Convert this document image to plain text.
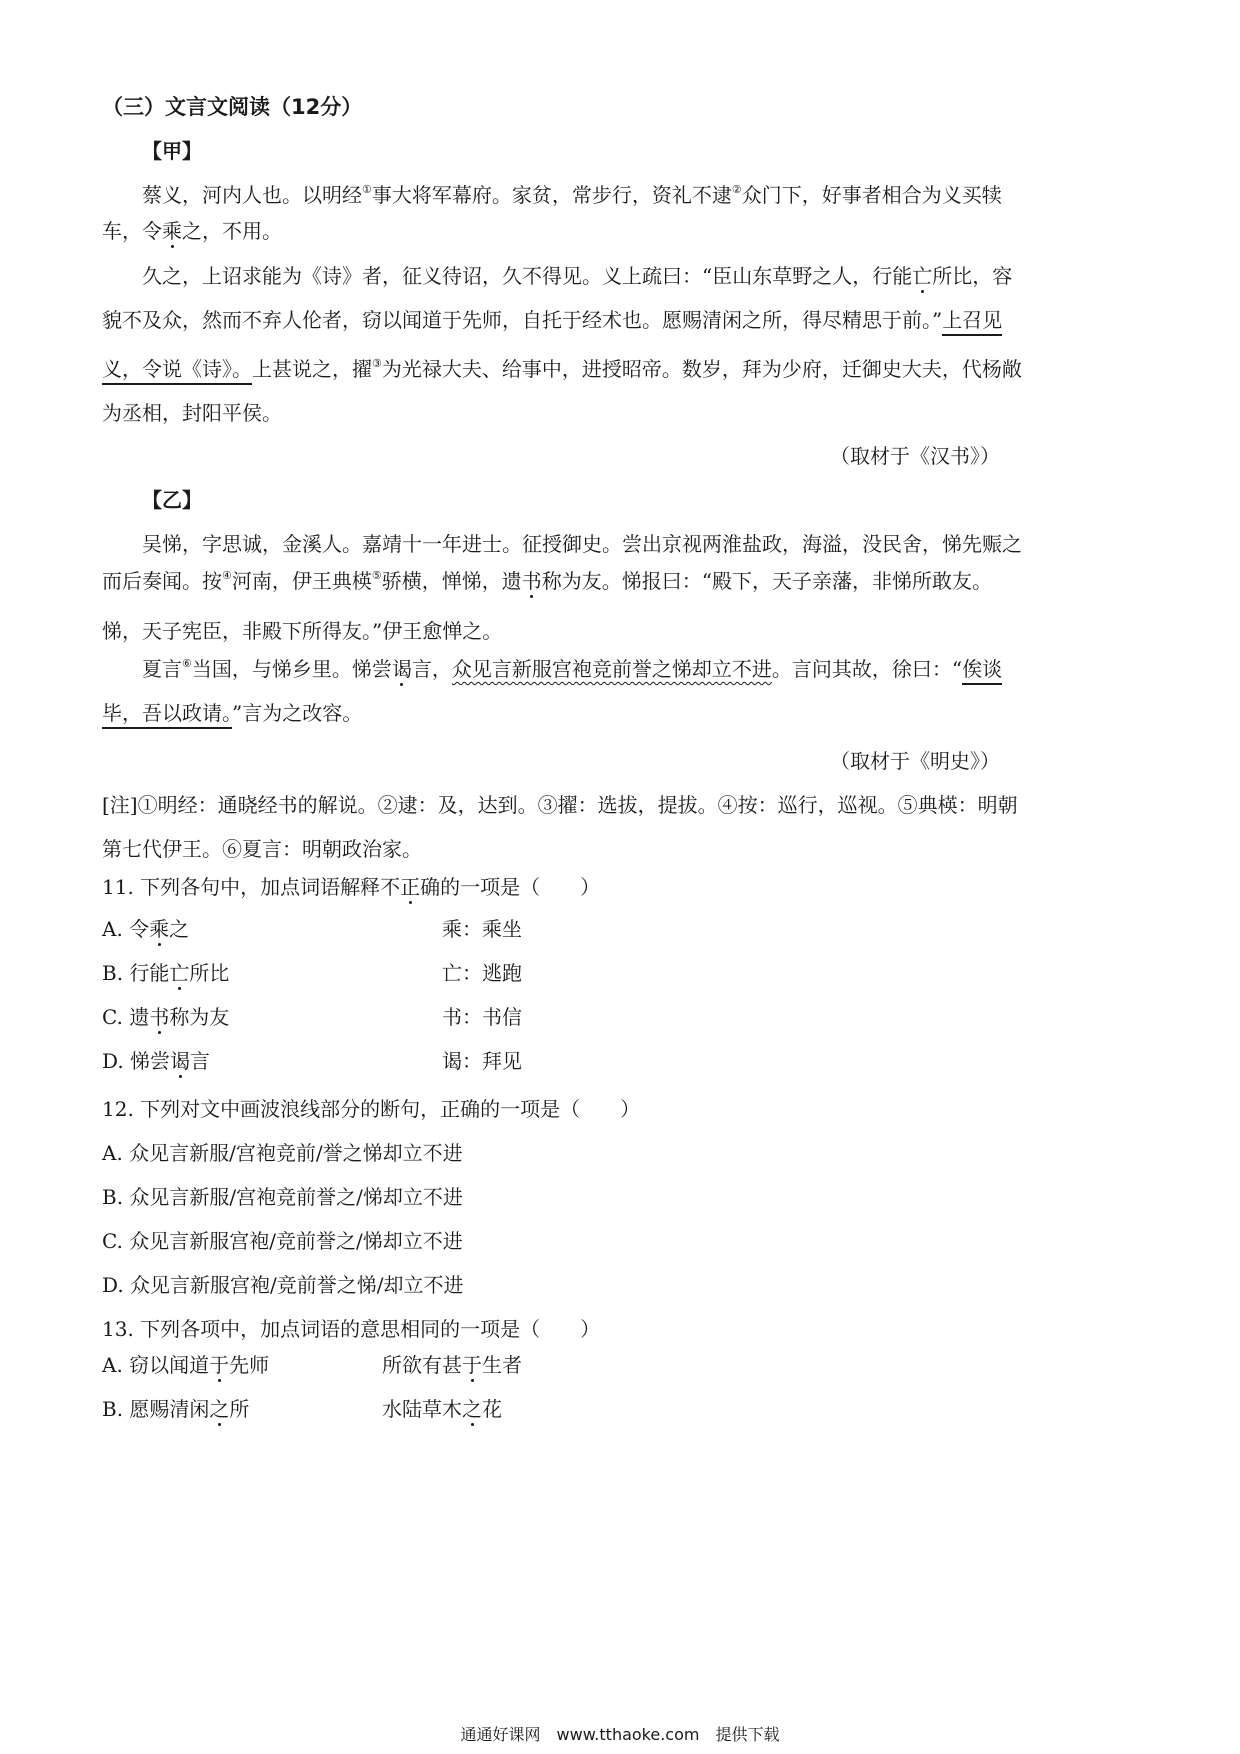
（三）文言文阅读（12分）
【甲】
蔡义，河内人也。以明经①事大将军幕府。家贫，常步行，资礼不逮②众门下，好事者相合为义买犊
车，令乘之，不用。
久之，上诏求能为《诗》者，征义待诏，久不得见。义上疏曰：“臣山东草野之人，行能亡所比，容
貌不及众，然而不弃人伦者，窃以闻道于先师，自托于经术也。愿赐清闲之所，得尽精思于前。”上召见
义，令说《诗》。上甚说之，擢③为光禄大夫、给事中，进授昭帝。数岁，拜为少府，迁御史大夫，代杨敞
为丞相，封阳平侯。
（取材于《汉书》）
【乙】
吴悌，字思诚，金溪人。嘉靖十一年进士。征授御史。尝出京视两淮盐政，海溢，没民舍，悌先赈之
而后奏闻。按④河南，伊王典楧⑤骄横，惮悌，遗书称为友。悌报曰：“殿下，天子亲藩，非悌所敢友。
悌，天子宪臣，非殿下所得友。”伊王愈惮之。
夏言⑥当国，与悌乡里。悌尝谒言，众见言新服宫袍竞前誉之悌却立不进。言问其故，徐曰：“俟谈
毕，吾以政请。”言为之改容。
（取材于《明史》）
[注]①明经：通晓经书的解说。②逮：及，达到。③擢：选拔，提拔。④按：巡行，巡视。⑤典楧：明朝
第七代伊王。⑥夏言：明朝政治家。
11. 下列各句中，加点词语解释不正确的一项是（　　）
A. 令乘之	乘：乘坐
B. 行能亡所比	亡：逃跑
C. 遗书称为友	书：书信
D. 悌尝谒言	谒：拜见
12. 下列对文中画波浪线部分的断句，正确的一项是（　　）
A. 众见言新服/宫袍竞前/誉之悌却立不进
B. 众见言新服/宫袍竞前誉之/悌却立不进
C. 众见言新服宫袍/竞前誉之/悌却立不进
D. 众见言新服宫袍/竞前誉之悌/却立不进
13. 下列各项中，加点词语的意思相同的一项是（　　）
A. 窃以闻道于先师	所欲有甚于生者
B. 愿赐清闲之所	水陆草木之花
通通好课网　www.tthaoke.com　提供下载
